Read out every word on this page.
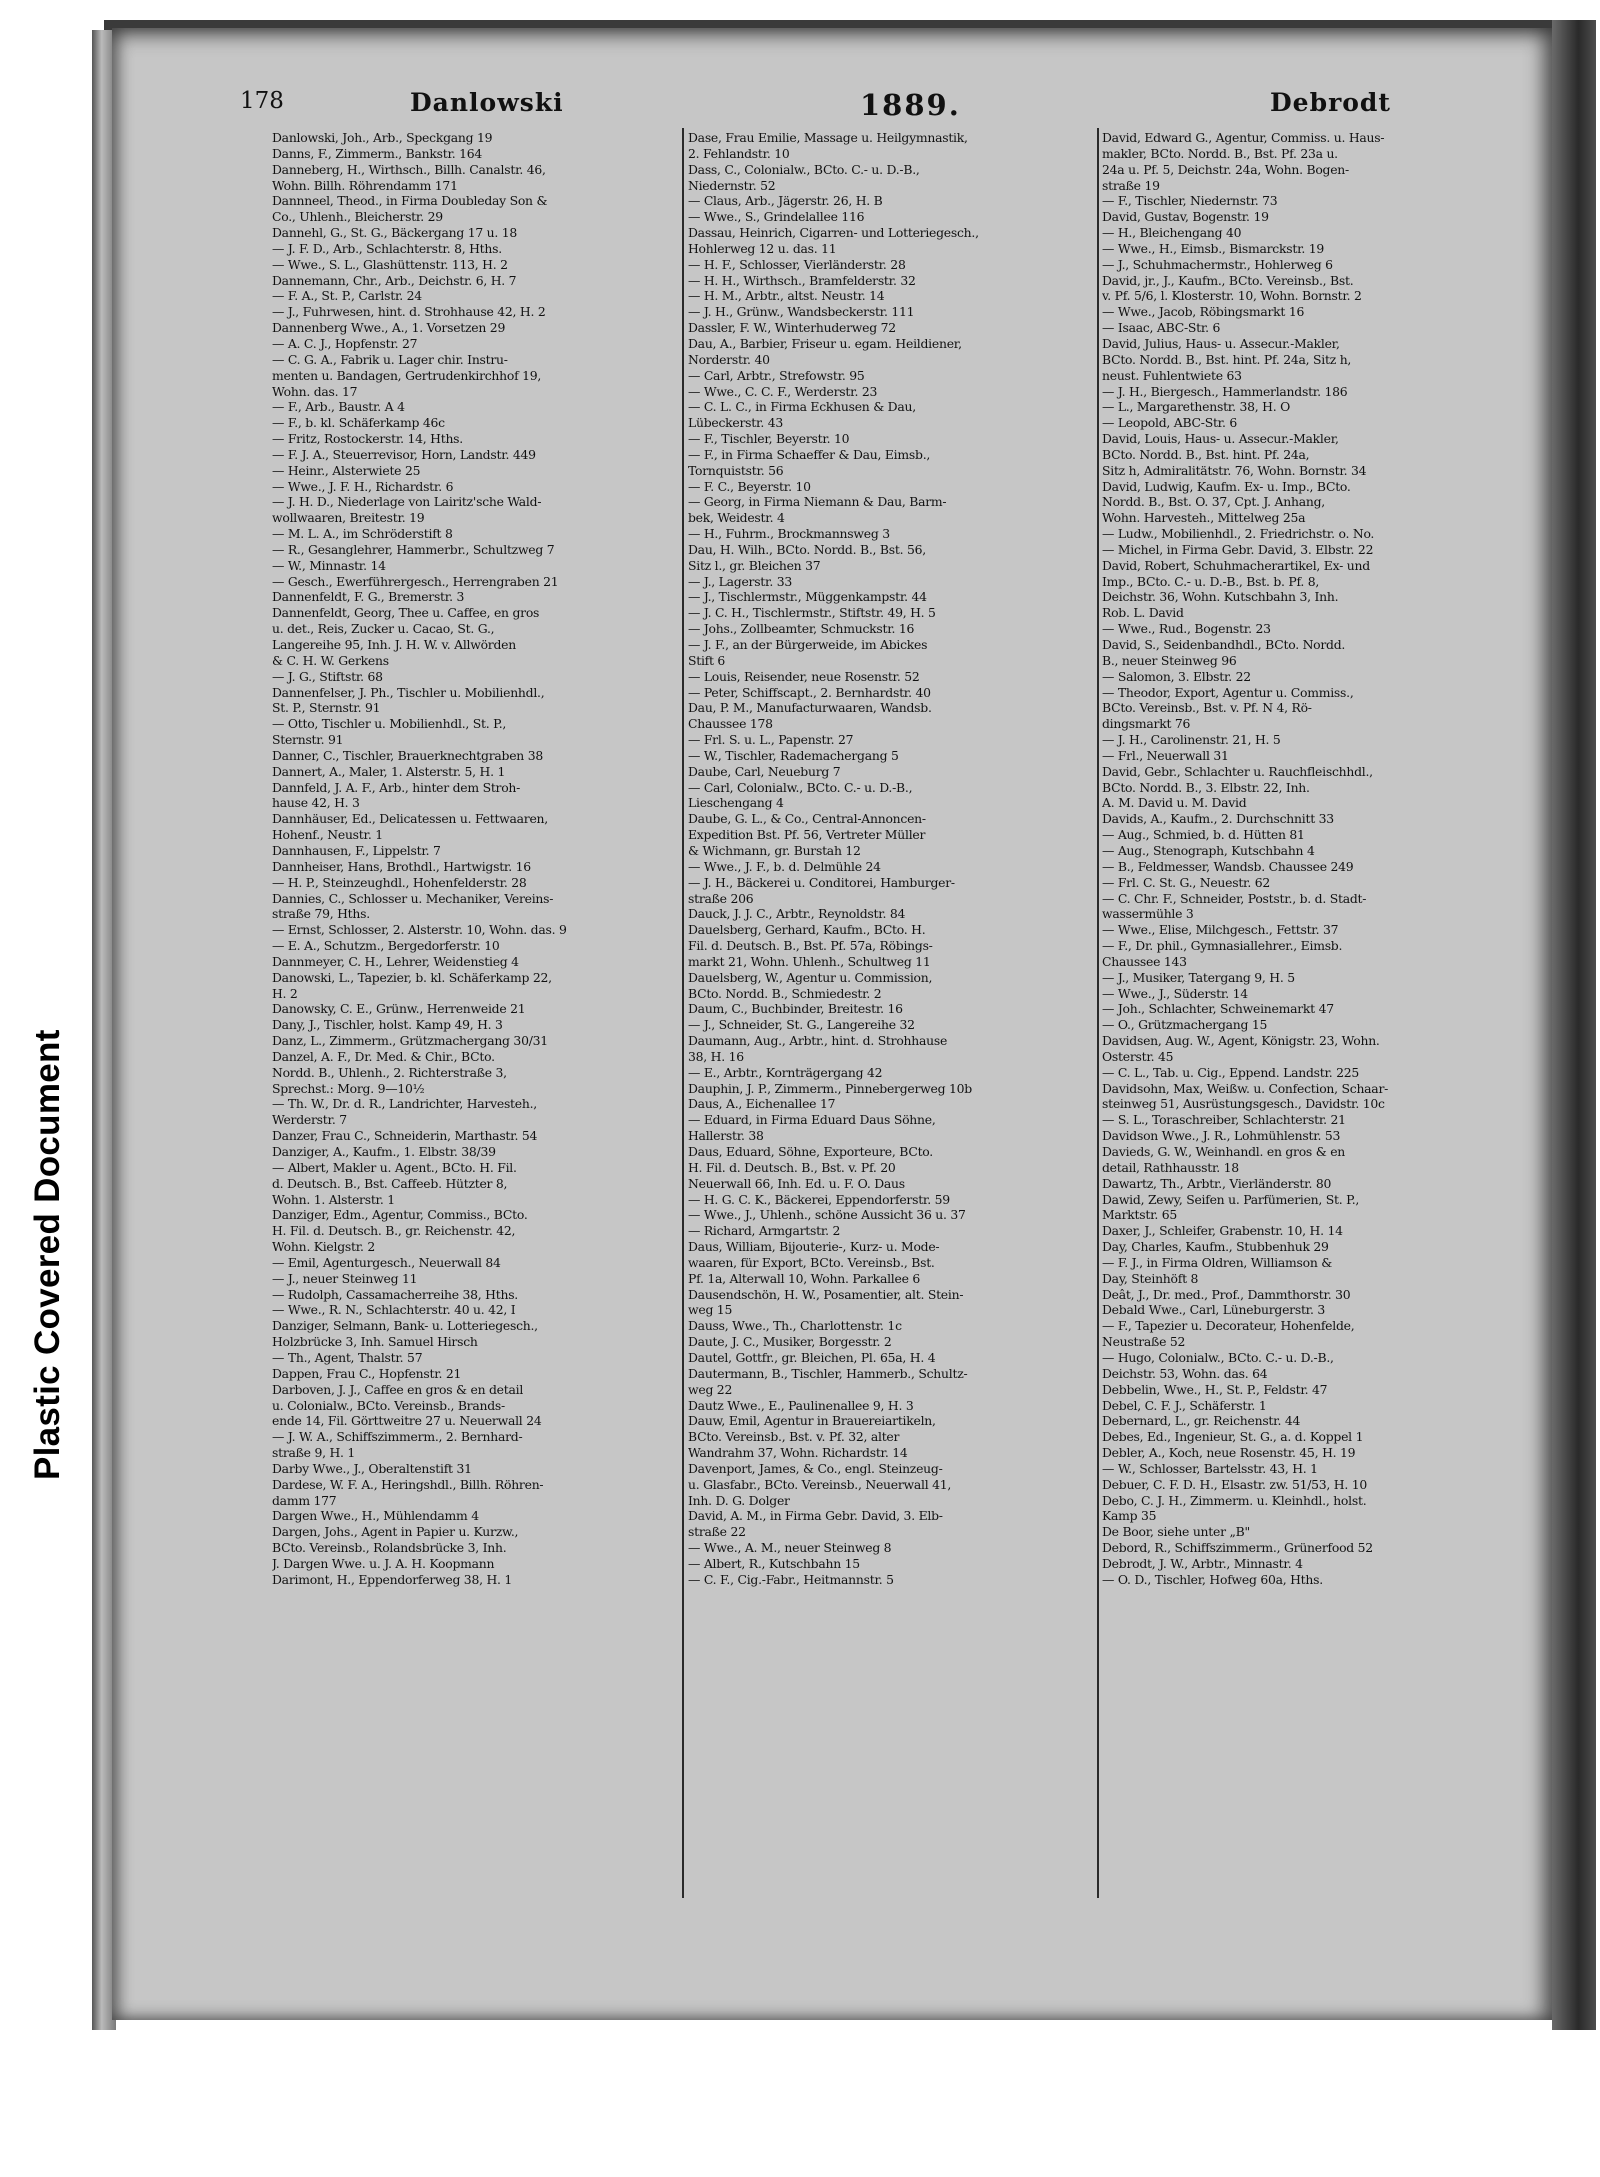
Plastic Covered Document
178	Danlowski	1889.	Debrodt
Danlowski, Joh., Arb., Speckgang 19
Danns, F., Zimmerm., Bankstr. 164
Danneberg, H., Wirthsch., Billh. Canalstr. 46,
Wohn. Billh. Röhrendamm 171
Dannneel, Theod., in Firma Doubleday Son &
Co., Uhlenh., Bleicherstr. 29
Dannehl, G., St. G., Bäckergang 17 u. 18
— J. F. D., Arb., Schlachterstr. 8, Hths.
— Wwe., S. L., Glashüttenstr. 113, H. 2
Dannemann, Chr., Arb., Deichstr. 6, H. 7
— F. A., St. P., Carlstr. 24
— J., Fuhrwesen, hint. d. Strohhause 42, H. 2
Dannenberg Wwe., A., 1. Vorsetzen 29
— A. C. J., Hopfenstr. 27
— C. G. A., Fabrik u. Lager chir. Instru-
menten u. Bandagen, Gertrudenkirchhof 19,
Wohn. das. 17
— F., Arb., Baustr. A 4
— F., b. kl. Schäferkamp 46c
— Fritz, Rostockerstr. 14, Hths.
— F. J. A., Steuerrevisor, Horn, Landstr. 449
— Heinr., Alsterwiete 25
— Wwe., J. F. H., Richardstr. 6
— J. H. D., Niederlage von Lairitz'sche Wald-
wollwaaren, Breitestr. 19
— M. L. A., im Schröderstift 8
— R., Gesanglehrer, Hammerbr., Schultzweg 7
— W., Minnastr. 14
— Gesch., Ewerführergesch., Herrengraben 21
Dannenfeldt, F. G., Bremerstr. 3
Dannenfeldt, Georg, Thee u. Caffee, en gros
u. det., Reis, Zucker u. Cacao, St. G.,
Langereihe 95, Inh. J. H. W. v. Allwörden
& C. H. W. Gerkens
— J. G., Stiftstr. 68
Dannenfelser, J. Ph., Tischler u. Mobilienhdl.,
St. P., Sternstr. 91
— Otto, Tischler u. Mobilienhdl., St. P.,
Sternstr. 91
Danner, C., Tischler, Brauerknechtgraben 38
Dannert, A., Maler, 1. Alsterstr. 5, H. 1
Dannfeld, J. A. F., Arb., hinter dem Stroh-
hause 42, H. 3
Dannhäuser, Ed., Delicatessen u. Fettwaaren,
Hohenf., Neustr. 1
Dannhausen, F., Lippelstr. 7
Dannheiser, Hans, Brothdl., Hartwigstr. 16
— H. P., Steinzeughdl., Hohenfelderstr. 28
Dannies, C., Schlosser u. Mechaniker, Vereins-
straße 79, Hths.
— Ernst, Schlosser, 2. Alsterstr. 10, Wohn. das. 9
— E. A., Schutzm., Bergedorferstr. 10
Dannmeyer, C. H., Lehrer, Weidenstieg 4
Danowski, L., Tapezier, b. kl. Schäferkamp 22,
H. 2
Danowsky, C. E., Grünw., Herrenweide 21
Dany, J., Tischler, holst. Kamp 49, H. 3
Danz, L., Zimmerm., Grützmachergang 30/31
Danzel, A. F., Dr. Med. & Chir., BCto.
Nordd. B., Uhlenh., 2. Richterstraße 3,
Sprechst.: Morg. 9—10½
— Th. W., Dr. d. R., Landrichter, Harvesteh.,
Werderstr. 7
Danzer, Frau C., Schneiderin, Marthastr. 54
Danziger, A., Kaufm., 1. Elbstr. 38/39
— Albert, Makler u. Agent., BCto. H. Fil.
d. Deutsch. B., Bst. Caffeeb. Hützter 8,
Wohn. 1. Alsterstr. 1
Danziger, Edm., Agentur, Commiss., BCto.
H. Fil. d. Deutsch. B., gr. Reichenstr. 42,
Wohn. Kielgstr. 2
— Emil, Agenturgesch., Neuerwall 84
— J., neuer Steinweg 11
— Rudolph, Cassamacherreihe 38, Hths.
— Wwe., R. N., Schlachterstr. 40 u. 42, I
Danziger, Selmann, Bank- u. Lotteriegesch.,
Holzbrücke 3, Inh. Samuel Hirsch
— Th., Agent, Thalstr. 57
Dappen, Frau C., Hopfenstr. 21
Darboven, J. J., Caffee en gros & en detail
u. Colonialw., BCto. Vereinsb., Brands-
ende 14, Fil. Görttweitre 27 u. Neuerwall 24
— J. W. A., Schiffszimmerm., 2. Bernhard-
straße 9, H. 1
Darby Wwe., J., Oberaltenstift 31
Dardese, W. F. A., Heringshdl., Billh. Röhren-
damm 177
Dargen Wwe., H., Mühlendamm 4
Dargen, Johs., Agent in Papier u. Kurzw.,
BCto. Vereinsb., Rolandsbrücke 3, Inh.
J. Dargen Wwe. u. J. A. H. Koopmann
Darimont, H., Eppendorferweg 38, H. 1
Dase, Frau Emilie, Massage u. Heilgymnastik,
2. Fehlandstr. 10
Dass, C., Colonialw., BCto. C.- u. D.-B.,
Niedernstr. 52
— Claus, Arb., Jägerstr. 26, H. B
— Wwe., S., Grindelallee 116
Dassau, Heinrich, Cigarren- und Lotteriegesch.,
Hohlerweg 12 u. das. 11
— H. F., Schlosser, Vierländerstr. 28
— H. H., Wirthsch., Bramfelderstr. 32
— H. M., Arbtr., altst. Neustr. 14
— J. H., Grünw., Wandsbeckerstr. 111
Dassler, F. W., Winterhuderweg 72
Dau, A., Barbier, Friseur u. egam. Heildiener,
Norderstr. 40
— Carl, Arbtr., Strefowstr. 95
— Wwe., C. C. F., Werderstr. 23
— C. L. C., in Firma Eckhusen & Dau,
Lübeckerstr. 43
— F., Tischler, Beyerstr. 10
— F., in Firma Schaeffer & Dau, Eimsb.,
Tornquiststr. 56
— F. C., Beyerstr. 10
— Georg, in Firma Niemann & Dau, Barm-
bek, Weidestr. 4
— H., Fuhrm., Brockmannsweg 3
Dau, H. Wilh., BCto. Nordd. B., Bst. 56,
Sitz l., gr. Bleichen 37
— J., Lagerstr. 33
— J., Tischlermstr., Müggenkampstr. 44
— J. C. H., Tischlermstr., Stiftstr. 49, H. 5
— Johs., Zollbeamter, Schmuckstr. 16
— J. F., an der Bürgerweide, im Abickes
Stift 6
— Louis, Reisender, neue Rosenstr. 52
— Peter, Schiffscapt., 2. Bernhardstr. 40
Dau, P. M., Manufacturwaaren, Wandsb.
Chaussee 178
— Frl. S. u. L., Papenstr. 27
— W., Tischler, Rademachergang 5
Daube, Carl, Neueburg 7
— Carl, Colonialw., BCto. C.- u. D.-B.,
Lieschengang 4
Daube, G. L., & Co., Central-Annoncen-
Expedition Bst. Pf. 56, Vertreter Müller
& Wichmann, gr. Burstah 12
— Wwe., J. F., b. d. Delmühle 24
— J. H., Bäckerei u. Conditorei, Hamburger-
straße 206
Dauck, J. J. C., Arbtr., Reynoldstr. 84
Dauelsberg, Gerhard, Kaufm., BCto. H.
Fil. d. Deutsch. B., Bst. Pf. 57a, Röbings-
markt 21, Wohn. Uhlenh., Schultweg 11
Dauelsberg, W., Agentur u. Commission,
BCto. Nordd. B., Schmiedestr. 2
Daum, C., Buchbinder, Breitestr. 16
— J., Schneider, St. G., Langereihe 32
Daumann, Aug., Arbtr., hint. d. Strohhause
38, H. 16
— E., Arbtr., Kornträgergang 42
Dauphin, J. P., Zimmerm., Pinnebergerweg 10b
Daus, A., Eichenallee 17
— Eduard, in Firma Eduard Daus Söhne,
Hallerstr. 38
Daus, Eduard, Söhne, Exporteure, BCto.
H. Fil. d. Deutsch. B., Bst. v. Pf. 20
Neuerwall 66, Inh. Ed. u. F. O. Daus
— H. G. C. K., Bäckerei, Eppendorferstr. 59
— Wwe., J., Uhlenh., schöne Aussicht 36 u. 37
— Richard, Armgartstr. 2
Daus, William, Bijouterie-, Kurz- u. Mode-
waaren, für Export, BCto. Vereinsb., Bst.
Pf. 1a, Alterwall 10, Wohn. Parkallee 6
Dausendschön, H. W., Posamentier, alt. Stein-
weg 15
Dauss, Wwe., Th., Charlottenstr. 1c
Daute, J. C., Musiker, Borgesstr. 2
Dautel, Gottfr., gr. Bleichen, Pl. 65a, H. 4
Dautermann, B., Tischler, Hammerb., Schultz-
weg 22
Dautz Wwe., E., Paulinenallee 9, H. 3
Dauw, Emil, Agentur in Brauereiartikeln,
BCto. Vereinsb., Bst. v. Pf. 32, alter
Wandrahm 37, Wohn. Richardstr. 14
Davenport, James, & Co., engl. Steinzeug-
u. Glasfabr., BCto. Vereinsb., Neuerwall 41,
Inh. D. G. Dolger
David, A. M., in Firma Gebr. David, 3. Elb-
straße 22
— Wwe., A. M., neuer Steinweg 8
— Albert, R., Kutschbahn 15
— C. F., Cig.-Fabr., Heitmannstr. 5
David, Edward G., Agentur, Commiss. u. Haus-
makler, BCto. Nordd. B., Bst. Pf. 23a u.
24a u. Pf. 5, Deichstr. 24a, Wohn. Bogen-
straße 19
— F., Tischler, Niedernstr. 73
David, Gustav, Bogenstr. 19
— H., Bleichengang 40
— Wwe., H., Eimsb., Bismarckstr. 19
— J., Schuhmachermstr., Hohlerweg 6
David, jr., J., Kaufm., BCto. Vereinsb., Bst.
v. Pf. 5/6, l. Klosterstr. 10, Wohn. Bornstr. 2
— Wwe., Jacob, Röbingsmarkt 16
— Isaac, ABC-Str. 6
David, Julius, Haus- u. Assecur.-Makler,
BCto. Nordd. B., Bst. hint. Pf. 24a, Sitz h,
neust. Fuhlentwiete 63
— J. H., Biergesch., Hammerlandstr. 186
— L., Margarethenstr. 38, H. O
— Leopold, ABC-Str. 6
David, Louis, Haus- u. Assecur.-Makler,
BCto. Nordd. B., Bst. hint. Pf. 24a,
Sitz h, Admiralitätstr. 76, Wohn. Bornstr. 34
David, Ludwig, Kaufm. Ex- u. Imp., BCto.
Nordd. B., Bst. O. 37, Cpt. J. Anhang,
Wohn. Harvesteh., Mittelweg 25a
— Ludw., Mobilienhdl., 2. Friedrichstr. o. No.
— Michel, in Firma Gebr. David, 3. Elbstr. 22
David, Robert, Schuhmacherartikel, Ex- und
Imp., BCto. C.- u. D.-B., Bst. b. Pf. 8,
Deichstr. 36, Wohn. Kutschbahn 3, Inh.
Rob. L. David
— Wwe., Rud., Bogenstr. 23
David, S., Seidenbandhdl., BCto. Nordd.
B., neuer Steinweg 96
— Salomon, 3. Elbstr. 22
— Theodor, Export, Agentur u. Commiss.,
BCto. Vereinsb., Bst. v. Pf. N 4, Rö-
dingsmarkt 76
— J. H., Carolinenstr. 21, H. 5
— Frl., Neuerwall 31
David, Gebr., Schlachter u. Rauchfleischhdl.,
BCto. Nordd. B., 3. Elbstr. 22, Inh.
A. M. David u. M. David
Davids, A., Kaufm., 2. Durchschnitt 33
— Aug., Schmied, b. d. Hütten 81
— Aug., Stenograph, Kutschbahn 4
— B., Feldmesser, Wandsb. Chaussee 249
— Frl. C. St. G., Neuestr. 62
— C. Chr. F., Schneider, Poststr., b. d. Stadt-
wassermühle 3
— Wwe., Elise, Milchgesch., Fettstr. 37
— F., Dr. phil., Gymnasiallehrer., Eimsb.
Chaussee 143
— J., Musiker, Tatergang 9, H. 5
— Wwe., J., Süderstr. 14
— Joh., Schlachter, Schweinemarkt 47
— O., Grützmachergang 15
Davidsen, Aug. W., Agent, Königstr. 23, Wohn.
Osterstr. 45
— C. L., Tab. u. Cig., Eppend. Landstr. 225
Davidsohn, Max, Weißw. u. Confection, Schaar-
steinweg 51, Ausrüstungsgesch., Davidstr. 10c
— S. L., Toraschreiber, Schlachterstr. 21
Davidson Wwe., J. R., Lohmühlenstr. 53
Davieds, G. W., Weinhandl. en gros & en
detail, Rathhausstr. 18
Dawartz, Th., Arbtr., Vierländerstr. 80
Dawid, Zewy, Seifen u. Parfümerien, St. P.,
Marktstr. 65
Daxer, J., Schleifer, Grabenstr. 10, H. 14
Day, Charles, Kaufm., Stubbenhuk 29
— F. J., in Firma Oldren, Williamson &
Day, Steinhöft 8
Deât, J., Dr. med., Prof., Dammthorstr. 30
Debald Wwe., Carl, Lüneburgerstr. 3
— F., Tapezier u. Decorateur, Hohenfelde,
Neustraße 52
— Hugo, Colonialw., BCto. C.- u. D.-B.,
Deichstr. 53, Wohn. das. 64
Debbelin, Wwe., H., St. P., Feldstr. 47
Debel, C. F. J., Schäferstr. 1
Debernard, L., gr. Reichenstr. 44
Debes, Ed., Ingenieur, St. G., a. d. Koppel 1
Debler, A., Koch, neue Rosenstr. 45, H. 19
— W., Schlosser, Bartelsstr. 43, H. 1
Debuer, C. F. D. H., Elsastr. zw. 51/53, H. 10
Debo, C. J. H., Zimmerm. u. Kleinhdl., holst.
Kamp 35
De Boor, siehe unter „B"
Debord, R., Schiffszimmerm., Grünerfood 52
Debrodt, J. W., Arbtr., Minnastr. 4
— O. D., Tischler, Hofweg 60a, Hths.
